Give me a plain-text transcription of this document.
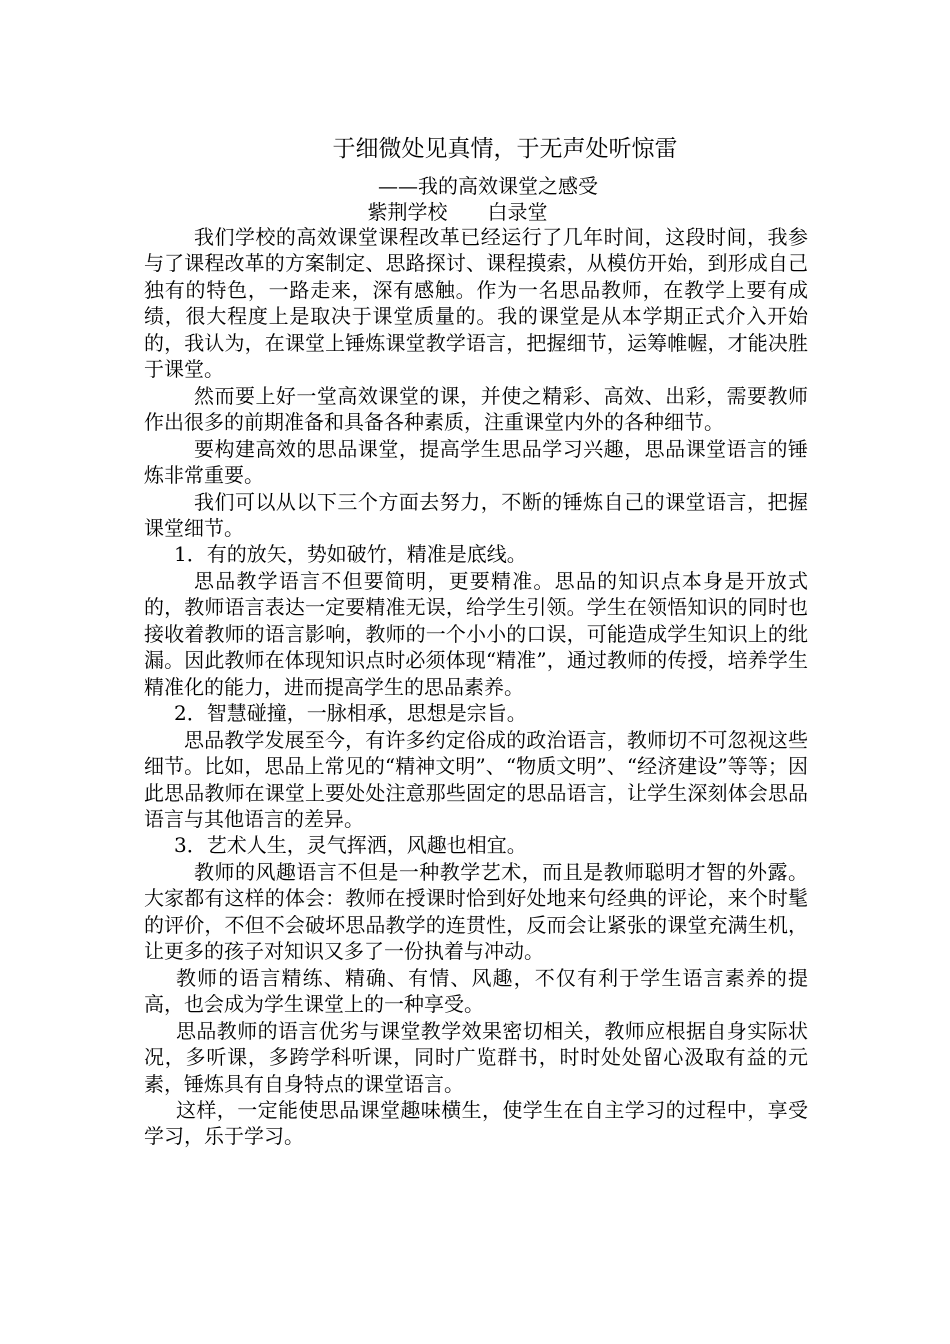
于细微处见真情，于无声处听惊雷

——我的高效课堂之感受

紫荆学校 白录堂

我们学校的高效课堂课程改革已经运行了几年时间，这段时间，我参与了课程改革的方案制定、思路探讨、课程摸索，从模仿开始，到形成自己独有的特色，一路走来，深有感触。作为一名思品教师，在教学上要有成绩，很大程度上是取决于课堂质量的。我的课堂是从本学期正式介入开始的，我认为，在课堂上锤炼课堂教学语言，把握细节，运筹帷幄，才能决胜于课堂。

然而要上好一堂高效课堂的课，并使之精彩、高效、出彩，需要教师作出很多的前期准备和具备各种素质，注重课堂内外的各种细节。

要构建高效的思品课堂，提高学生思品学习兴趣，思品课堂语言的锤炼非常重要。

我们可以从以下三个方面去努力，不断的锤炼自己的课堂语言，把握课堂细节。

1．有的放矢，势如破竹，精准是底线。

思品教学语言不但要简明，更要精准。思品的知识点本身是开放式的，教师语言表达一定要精准无误，给学生引领。学生在领悟知识的同时也接收着教师的语言影响，教师的一个小小的口误，可能造成学生知识上的纰漏。因此教师在体现知识点时必须体现“精准”，通过教师的传授，培养学生精准化的能力，进而提高学生的思品素养。

2．智慧碰撞，一脉相承，思想是宗旨。

思品教学发展至今，有许多约定俗成的政治语言，教师切不可忽视这些细节。比如，思品上常见的“精神文明”、“物质文明”、“经济建设”等等；因此思品教师在课堂上要处处注意那些固定的思品语言，让学生深刻体会思品语言与其他语言的差异。

3．艺术人生，灵气挥洒，风趣也相宜。

教师的风趣语言不但是一种教学艺术，而且是教师聪明才智的外露。大家都有这样的体会：教师在授课时恰到好处地来句经典的评论，来个时髦的评价，不但不会破坏思品教学的连贯性，反而会让紧张的课堂充满生机，让更多的孩子对知识又多了一份执着与冲动。

教师的语言精练、精确、有情、风趣，不仅有利于学生语言素养的提高，也会成为学生课堂上的一种享受。

思品教师的语言优劣与课堂教学效果密切相关，教师应根据自身实际状况，多听课，多跨学科听课，同时广览群书，时时处处留心汲取有益的元素，锤炼具有自身特点的课堂语言。

这样，一定能使思品课堂趣味横生，使学生在自主学习的过程中，享受学习，乐于学习。
